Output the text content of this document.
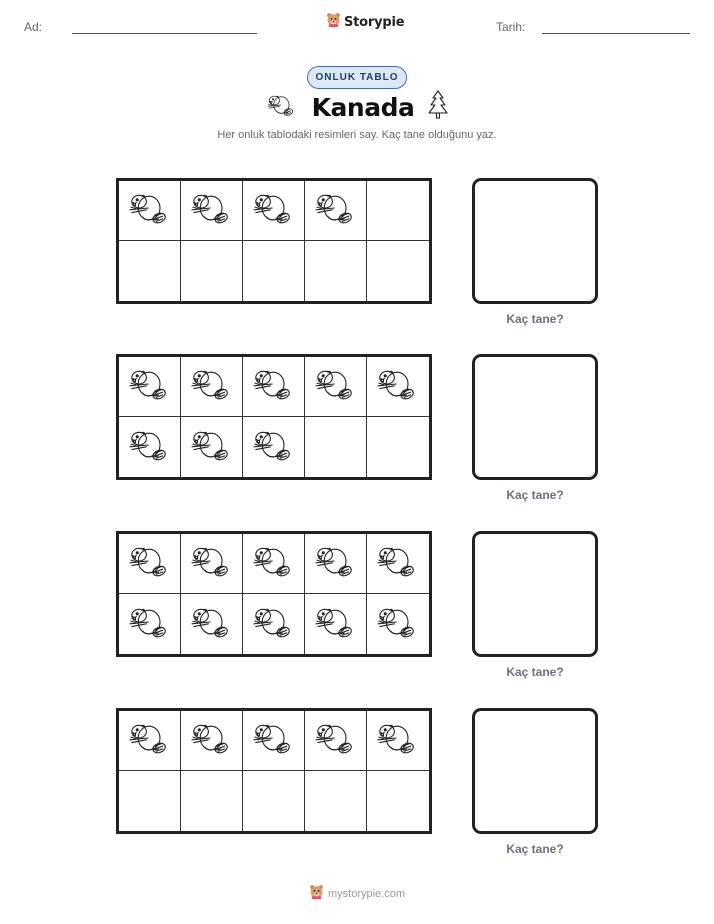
Ad:	Storypie	Tarih:
ONLUK TABLO
Kanada
Her onluk tablodaki resimleri say. Kaç tane olduğunu yaz.
Kaç tane?
Kaç tane?
Kaç tane?
Kaç tane?
mystorypie.com
